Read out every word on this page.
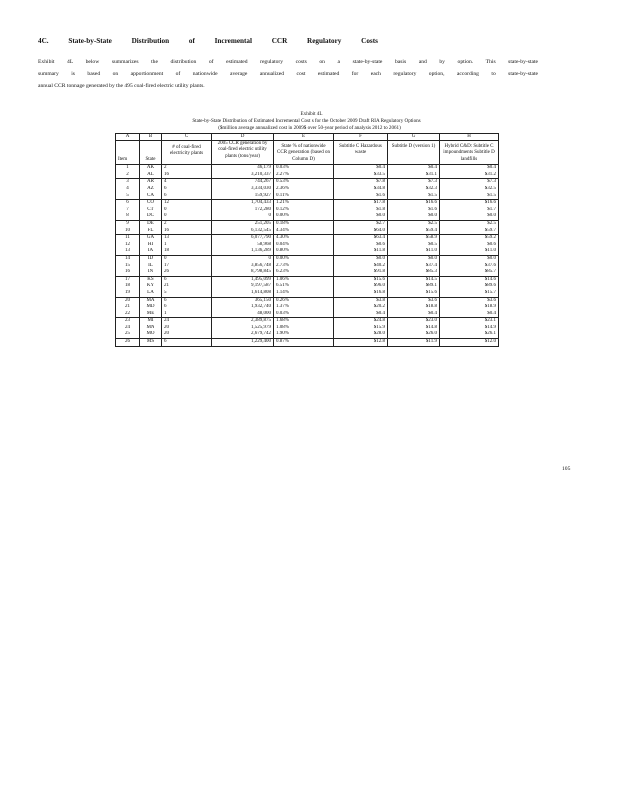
4C.	State-by-State	Distribution	of	Incremental	CCR	Regulatory	Costs
Exhibit 4L below summarizes the distribution of estimated regulatory costs on a state-by-state basis and by option. This state-by-state
summary is based on apportionment of nationwide average annualized cost estimated for each regulatory option, according to state-by-state
annual CCR tonnage generated by the 495 coal-fired electric utility plants.
Exhibit 4L
State-by-State Distribution of Estimated Incremental Cost s for the October 2009 Draft RIA Regulatory Options
($million average annualized cost in 2009$ over 50-year period of analysis 2012 to 2061)
A	B	C	D	E	F	G	H
Item	State	# of coal-fired electricity plants	2005 CCR generation by coal-fired electric utility plants (tons/year)	State % of nationwide CCR generation (based on Column D)	Subtitle C Hazardous waste	Subtitle D (version 1)	Hybrid C&D: Subtitle C impoundments Subtitle D landfills
1	AK	2	46,179	0.03%	$0.4	$0.4	$0.4
2	AL	16	3,210,337	2.27%	$33.5	$31.1	$31.2
3	AR	4	744,267	0.53%	$7.8	$7.3	$7.3
4	AZ	6	3,334,030	2.36%	$34.8	$32.3	$32.5
5	CA	6	159,927	0.11%	$1.6	$1.5	$1.5
6	CO	12	1,704,433	1.21%	$17.8	$16.6	$16.6
7	CT	0	172,280	0.12%	$1.8	$1.6	$1.7
8	DC	0	0	0.00%	$0.0	$0.0	$0.0
9	DE	2	251,205	0.18%	$2.7	$2.5	$2.5
10	FL	16	6,132,545	4.34%	$64.0	$59.4	$59.7
11	GA	13	6,077,790	4.30%	$63.4	$58.9	$59.2
12	HI	1	58,968	0.04%	$0.6	$0.5	$0.6
13	IA	18	1,136,289	0.80%	$11.8	$11.0	$11.0
14	ID	0	0	0.00%	$0.0	$0.0	$0.0
15	IL	17	3,856,748	2.73%	$40.2	$37.4	$37.6
16	IN	26	8,798,845	6.23%	$91.8	$85.3	$85.7
17	KS	6	1,495,099	1.06%	$15.6	$14.5	$14.6
18	KY	21	9,197,587	6.51%	$96.0	$89.1	$89.6
19	LA	5	1,614,808	1.14%	$16.8	$15.6	$15.7
20	MA	6	365,150	0.26%	$3.8	$3.6	$3.6
21	MD	6	1,932,740	1.37%	$20.2	$18.8	$18.9
22	ME	1	48,000	0.03%	$0.4	$0.4	$0.4
23	MI	24	2,389,875	1.68%	$24.8	$23.0	$23.1
24	MN	20	1,525,979	1.08%	$15.9	$14.8	$14.9
25	MO	20	2,679,742	1.90%	$28.0	$26.0	$26.1
26	MS	6	1,229,400	0.87%	$12.8	$11.9	$12.0
105
